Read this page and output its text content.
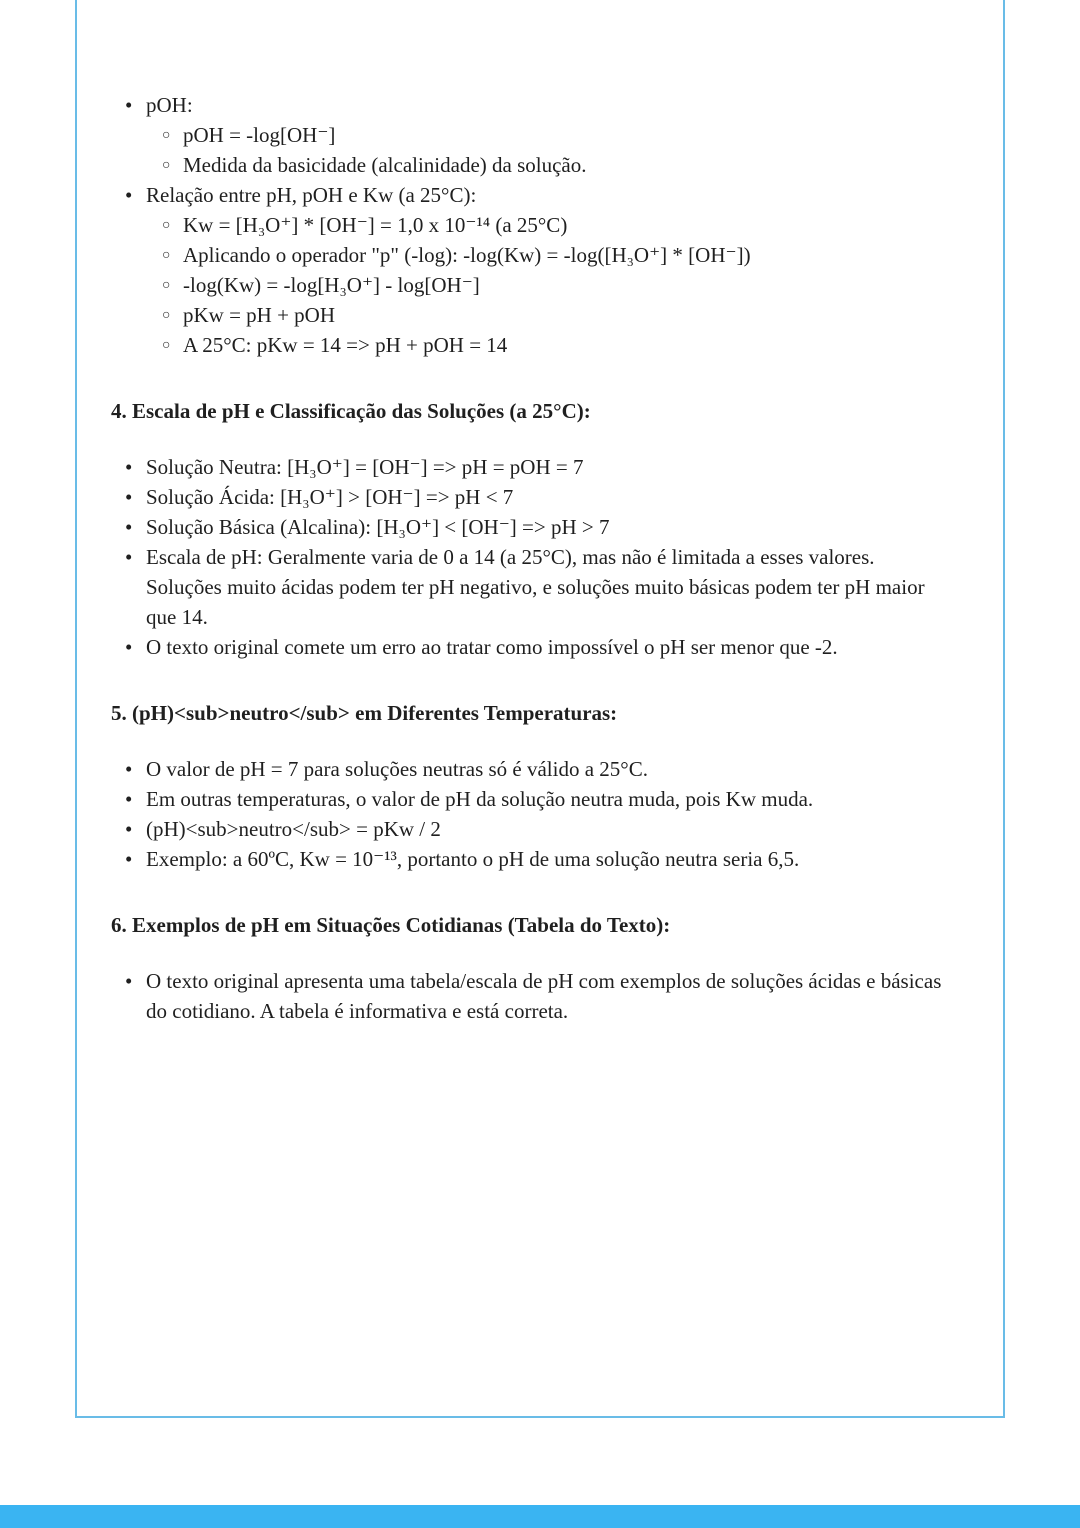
• pOH:
○ pOH = -log[OH⁻]
○ Medida da basicidade (alcalinidade) da solução.
• Relação entre pH, pOH e Kw (a 25°C):
○ Kw = [H₃O⁺] * [OH⁻] = 1,0 x 10⁻¹⁴ (a 25°C)
○ Aplicando o operador "p" (-log): -log(Kw) = -log([H₃O⁺] * [OH⁻])
○ -log(Kw) = -log[H₃O⁺] - log[OH⁻]
○ pKw = pH + pOH
○ A 25°C: pKw = 14 => pH + pOH = 14
4. Escala de pH e Classificação das Soluções (a 25°C):
• Solução Neutra: [H₃O⁺] = [OH⁻] => pH = pOH = 7
• Solução Ácida: [H₃O⁺] > [OH⁻] => pH < 7
• Solução Básica (Alcalina): [H₃O⁺] < [OH⁻] => pH > 7
• Escala de pH: Geralmente varia de 0 a 14 (a 25°C), mas não é limitada a esses valores. Soluções muito ácidas podem ter pH negativo, e soluções muito básicas podem ter pH maior que 14.
• O texto original comete um erro ao tratar como impossível o pH ser menor que -2.
5. (pH)<sub>neutro</sub> em Diferentes Temperaturas:
• O valor de pH = 7 para soluções neutras só é válido a 25°C.
• Em outras temperaturas, o valor de pH da solução neutra muda, pois Kw muda.
• (pH)<sub>neutro</sub> = pKw / 2
• Exemplo: a 60ºC, Kw = 10⁻¹³, portanto o pH de uma solução neutra seria 6,5.
6. Exemplos de pH em Situações Cotidianas (Tabela do Texto):
• O texto original apresenta uma tabela/escala de pH com exemplos de soluções ácidas e básicas do cotidiano. A tabela é informativa e está correta.
